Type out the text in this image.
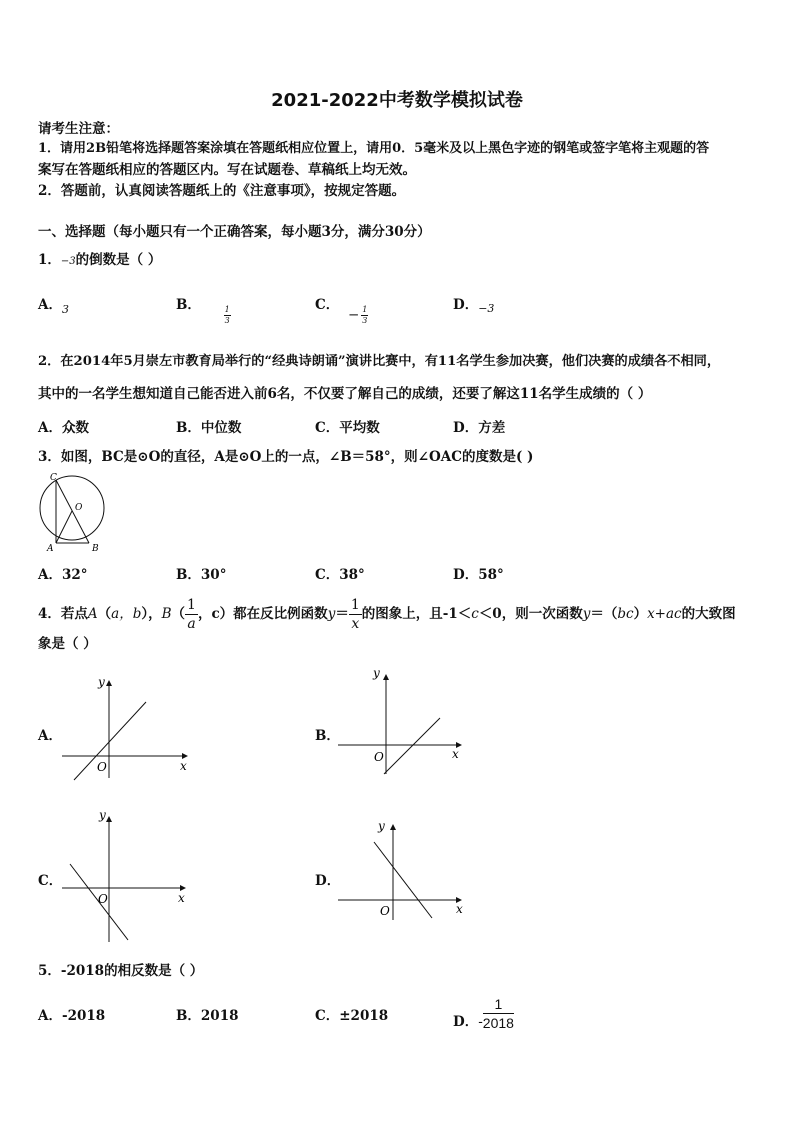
2021-2022中考数学模拟试卷
请考生注意：
1．请用2B铅笔将选择题答案涂填在答题纸相应位置上，请用0．5毫米及以上黑色字迹的钢笔或签字笔将主观题的答
案写在答题纸相应的答题区内。写在试题卷、草稿纸上均无效。
2．答题前，认真阅读答题纸上的《注意事项》，按规定答题。
一、选择题（每小题只有一个正确答案，每小题3分，满分30分）
1．−3的倒数是（ ）
A．$_3$	B．	$\frac{1}{3}$	C． − $\frac{1}{3}$	D．$_{-3}$
2．在2014年5月崇左市教育局举行的“经典诗朗诵”演讲比赛中，有11名学生参加决赛，他们决赛的成绩各不相同，
其中的一名学生想知道自己能否进入前6名，不仅要了解自己的成绩，还要了解这11名学生成绩的（ ）
A．众数	B．中位数	C．平均数	D．方差
3．如图，BC是⊙O的直径，A是⊙O上的一点，∠B＝58°，则∠OAC的度数是( )
C
O
A	B
A．32°	B．30°	C．38°	D．58°
4．若点A（a，b），$B( \frac{1}{a}$ ，c）都在反比例函数$y= \frac{1}{x}$ 的图象上，且-1＜c＜0，则一次函数y＝（bc）x+ac的大致图
象是（ ）
A．	B．
C．	D．
y
x
O
y
x
O
y
x
O
y
x
O
5．-2018的相反数是（ ）
A．-2018	B．2018	C．±2018	D．- $\frac{1}{2018}$
